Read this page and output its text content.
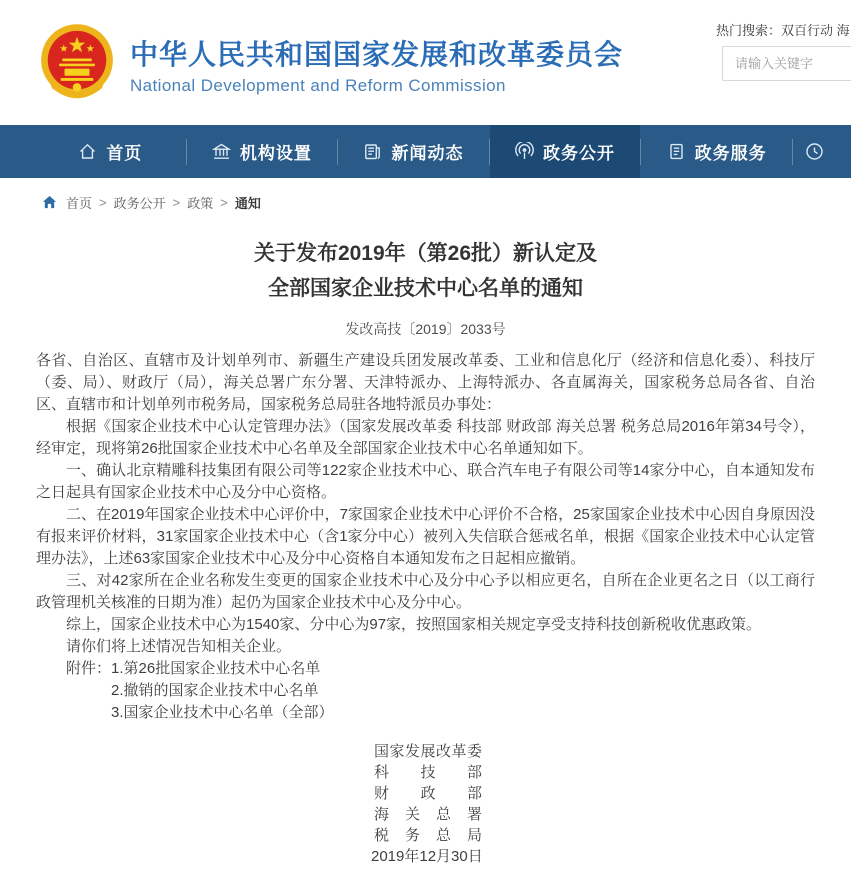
中华人民共和国国家发展和改革委员会
National Development and Reform Commission
热门搜索：双百行动 海
请输入关键字
首页	机构设置	新闻动态	政务公开	政务服务
首页 > 政务公开 > 政策 > 通知
关于发布2019年（第26批）新认定及
全部国家企业技术中心名单的通知
发改高技〔2019〕2033号

各省、自治区、直辖市及计划单列市、新疆生产建设兵团发展改革委、工业和信息化厅（经济和信息化委）、科技厅（委、局）、财政厅（局），海关总署广东分署、天津特派办、上海特派办、各直属海关，国家税务总局各省、自治区、直辖市和计划单列市税务局，国家税务总局驻各地特派员办事处：

根据《国家企业技术中心认定管理办法》（国家发展改革委 科技部 财政部 海关总署 税务总局2016年第34号令），经审定，现将第26批国家企业技术中心名单及全部国家企业技术中心名单通知如下。

一、确认北京精雕科技集团有限公司等122家企业技术中心、联合汽车电子有限公司等14家分中心，自本通知发布之日起具有国家企业技术中心及分中心资格。

二、在2019年国家企业技术中心评价中，7家国家企业技术中心评价不合格，25家国家企业技术中心因自身原因没有报来评价材料，31家国家企业技术中心（含1家分中心）被列入失信联合惩戒名单，根据《国家企业技术中心认定管理办法》，上述63家国家企业技术中心及分中心资格自本通知发布之日起相应撤销。

三、对42家所在企业名称发生变更的国家企业技术中心及分中心予以相应更名，自所在企业更名之日（以工商行政管理机关核准的日期为准）起仍为国家企业技术中心及分中心。

综上，国家企业技术中心为1540家、分中心为97家，按照国家相关规定享受支持科技创新税收优惠政策。

请你们将上述情况告知相关企业。

附件：1.第26批国家企业技术中心名单
2.撤销的国家企业技术中心名单
3.国家企业技术中心名单（全部）
国家发展改革委
科技部
财政部
海关总署
税务总局
2019年12月30日
